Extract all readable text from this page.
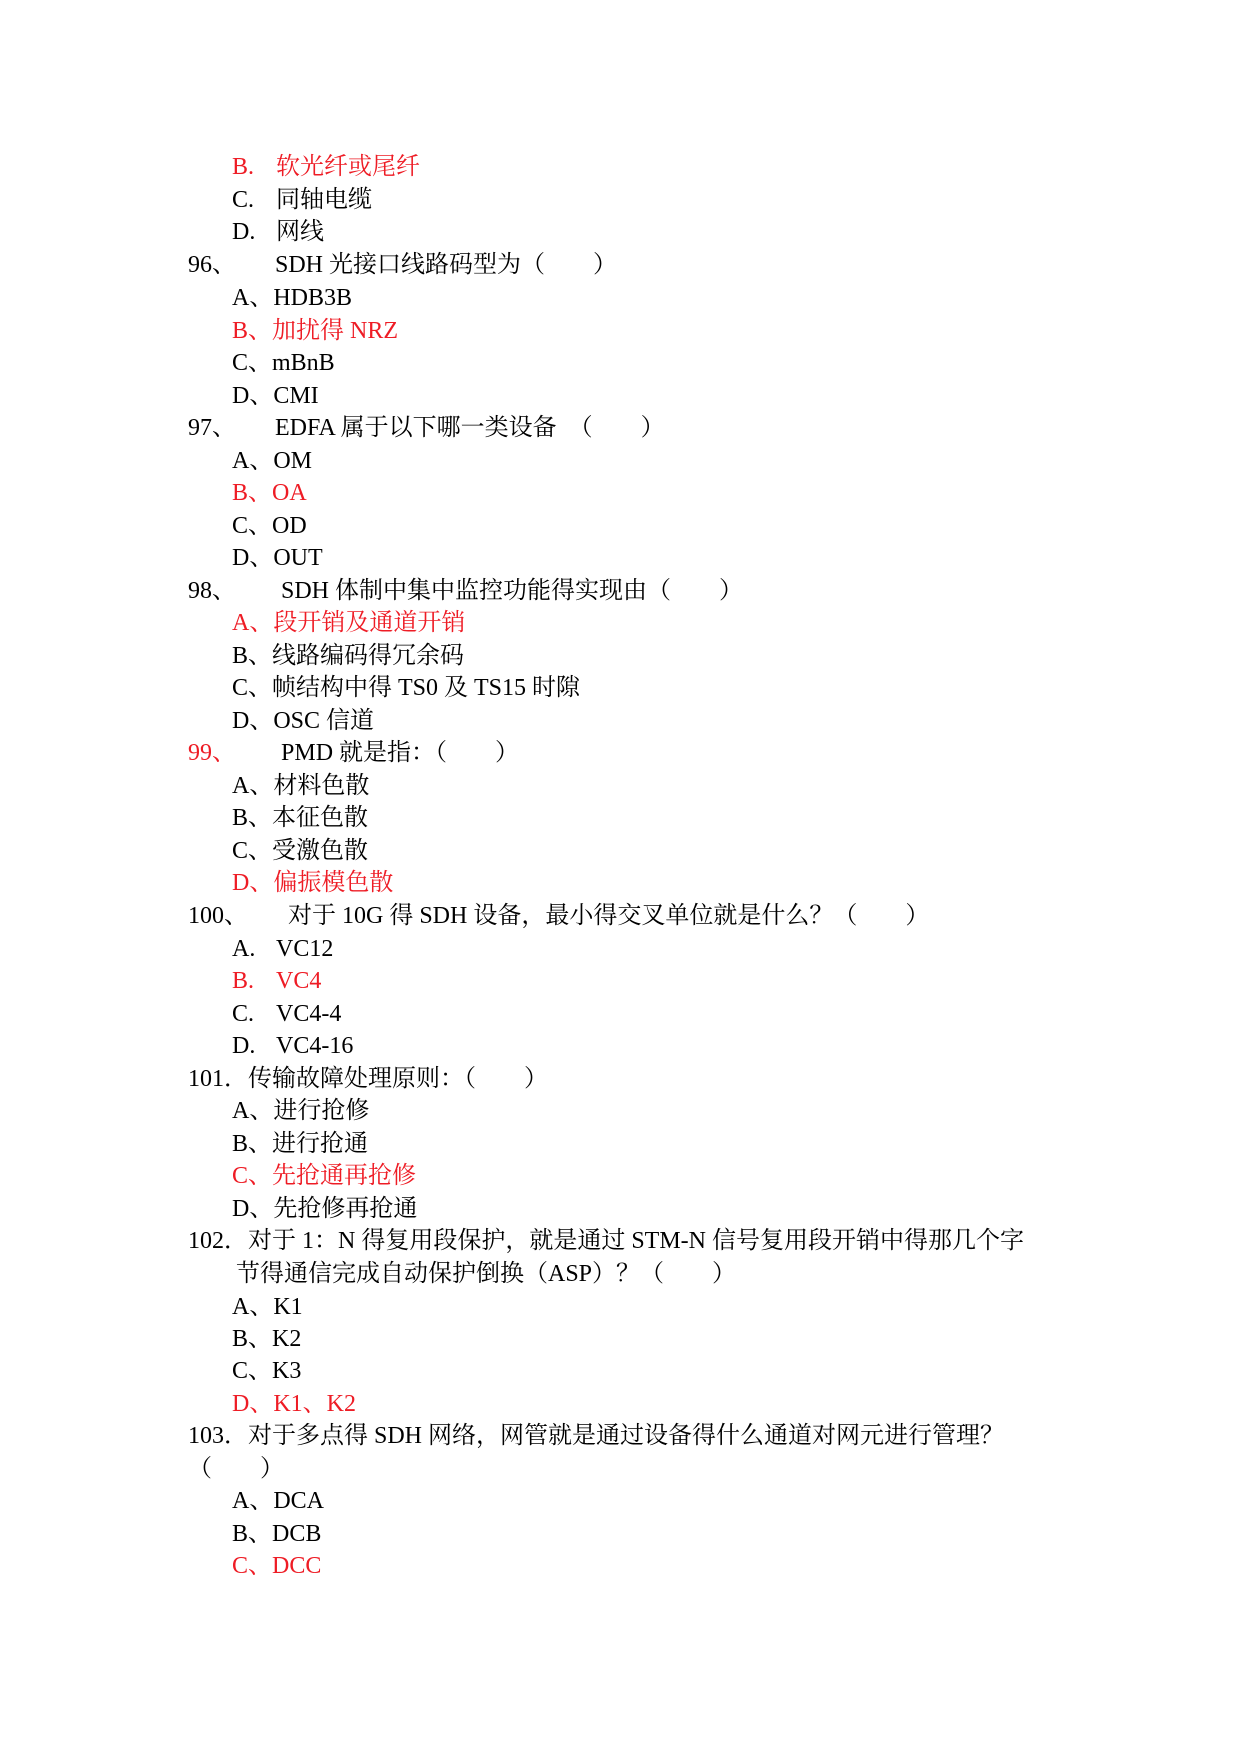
B. 软光纤或尾纤
C. 同轴电缆
D. 网线
96、 SDH 光接口线路码型为（　　）
A、HDB3B
B、加扰得 NRZ
C、mBnB
D、CMI
97、 EDFA 属于以下哪一类设备　（　　）
A、OM
B、OA
C、OD
D、OUT
98、 SDH 体制中集中监控功能得实现由（　　）
A、段开销及通道开销
B、线路编码得冗余码
C、帧结构中得 TS0 及 TS15 时隙
D、OSC 信道
99、 PMD 就是指：（　　）
A、材料色散
B、本征色散
C、受激色散
D、偏振模色散
100、 对于 10G 得 SDH 设备，最小得交叉单位就是什么？（　　）
A. VC12
B. VC4
C. VC4-4
D. VC4-16
101．传输故障处理原则：（　　）
A、进行抢修
B、进行抢通
C、先抢通再抢修
D、先抢修再抢通
102．对于 1：N 得复用段保护，就是通过 STM-N 信号复用段开销中得那几个字
节得通信完成自动保护倒换（ASP）？（　　）
A、K1
B、K2
C、K3
D、K1、K2
103．对于多点得 SDH 网络，网管就是通过设备得什么通道对网元进行管理？
（　　）
A、DCA
B、DCB
C、DCC
